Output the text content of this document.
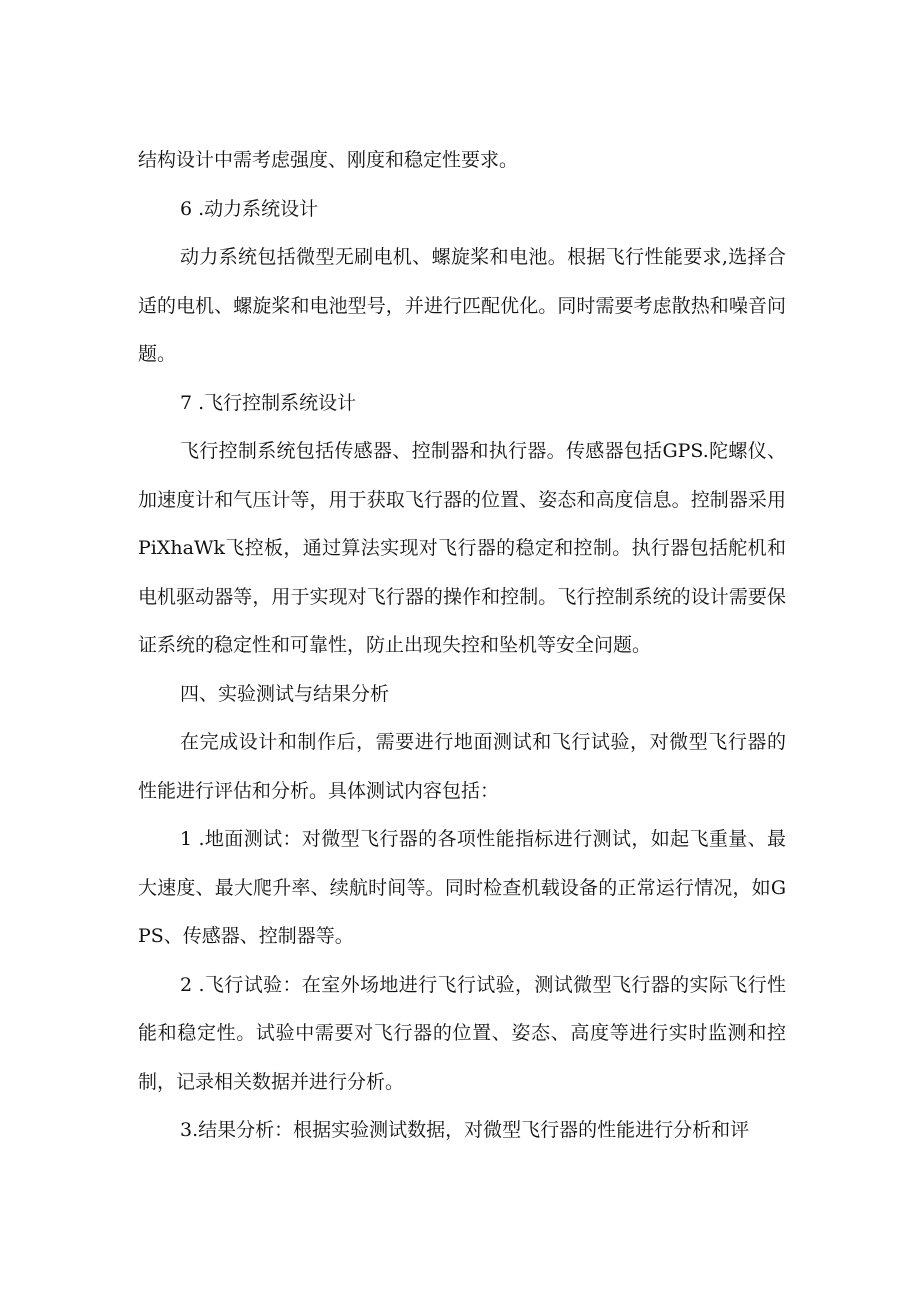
结构设计中需考虑强度、刚度和稳定性要求。

6 .动力系统设计

动力系统包括微型无刷电机、螺旋桨和电池。根据飞行性能要求,选择合适的电机、螺旋桨和电池型号，并进行匹配优化。同时需要考虑散热和噪音问题。

7 .飞行控制系统设计

飞行控制系统包括传感器、控制器和执行器。传感器包括GPS.陀螺仪、加速度计和气压计等，用于获取飞行器的位置、姿态和高度信息。控制器采用PiXhaWk飞控板，通过算法实现对飞行器的稳定和控制。执行器包括舵机和电机驱动器等，用于实现对飞行器的操作和控制。飞行控制系统的设计需要保证系统的稳定性和可靠性，防止出现失控和坠机等安全问题。

四、实验测试与结果分析

在完成设计和制作后，需要进行地面测试和飞行试验，对微型飞行器的性能进行评估和分析。具体测试内容包括：

1 .地面测试：对微型飞行器的各项性能指标进行测试，如起飞重量、最大速度、最大爬升率、续航时间等。同时检查机载设备的正常运行情况，如GPS、传感器、控制器等。

2 .飞行试验：在室外场地进行飞行试验，测试微型飞行器的实际飞行性能和稳定性。试验中需要对飞行器的位置、姿态、高度等进行实时监测和控制，记录相关数据并进行分析。

3.结果分析：根据实验测试数据，对微型飞行器的性能进行分析和评
